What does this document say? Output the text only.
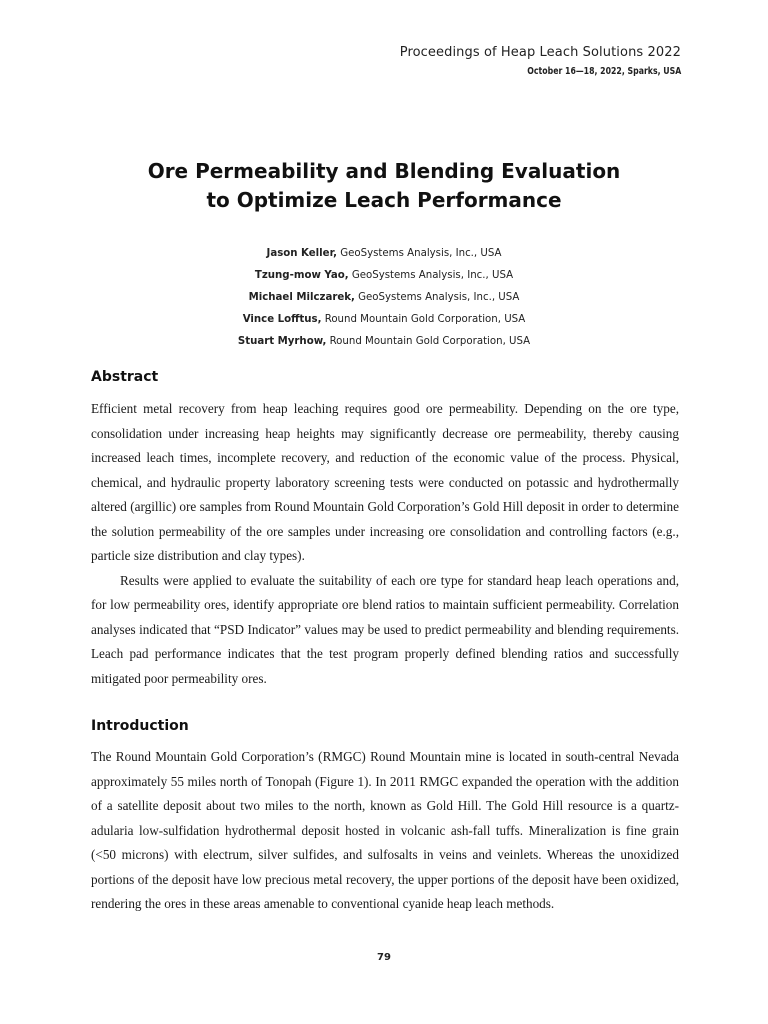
Proceedings of Heap Leach Solutions 2022
October 16—18, 2022, Sparks, USA
Ore Permeability and Blending Evaluation
to Optimize Leach Performance
Jason Keller, GeoSystems Analysis, Inc., USA
Tzung-mow Yao, GeoSystems Analysis, Inc., USA
Michael Milczarek, GeoSystems Analysis, Inc., USA
Vince Lofftus, Round Mountain Gold Corporation, USA
Stuart Myrhow, Round Mountain Gold Corporation, USA
Abstract

Efficient metal recovery from heap leaching requires good ore permeability. Depending on the ore type, consolidation under increasing heap heights may significantly decrease ore permeability, thereby causing increased leach times, incomplete recovery, and reduction of the economic value of the process. Physical, chemical, and hydraulic property laboratory screening tests were conducted on potassic and hydrothermally altered (argillic) ore samples from Round Mountain Gold Corporation’s Gold Hill deposit in order to determine the solution permeability of the ore samples under increasing ore consolidation and controlling factors (e.g., particle size distribution and clay types).

Results were applied to evaluate the suitability of each ore type for standard heap leach operations and, for low permeability ores, identify appropriate ore blend ratios to maintain sufficient permeability. Correlation analyses indicated that “PSD Indicator” values may be used to predict permeability and blending requirements. Leach pad performance indicates that the test program properly defined blending ratios and successfully mitigated poor permeability ores.

Introduction

The Round Mountain Gold Corporation’s (RMGC) Round Mountain mine is located in south-central Nevada approximately 55 miles north of Tonopah (Figure 1). In 2011 RMGC expanded the operation with the addition of a satellite deposit about two miles to the north, known as Gold Hill. The Gold Hill resource is a quartz-adularia low-sulfidation hydrothermal deposit hosted in volcanic ash-fall tuffs. Mineralization is fine grain (<50 microns) with electrum, silver sulfides, and sulfosalts in veins and veinlets. Whereas the unoxidized portions of the deposit have low precious metal recovery, the upper portions of the deposit have been oxidized, rendering the ores in these areas amenable to conventional cyanide heap leach methods.

79
